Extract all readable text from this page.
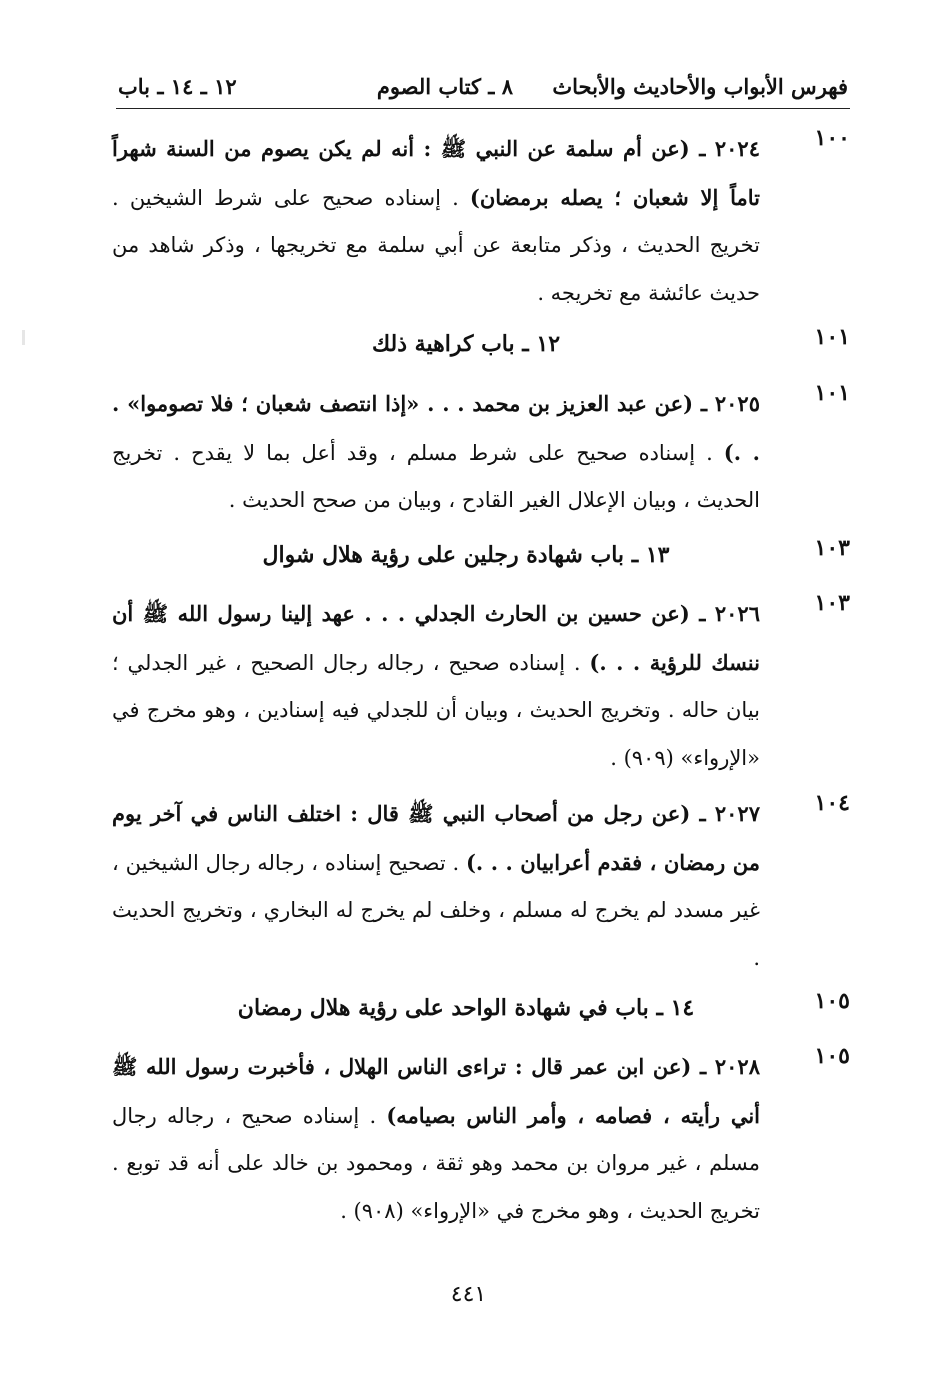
فهرس الأبواب والأحاديث والأبحاث
٨ ـ كتاب الصوم
١٢ ـ ١٤ ـ باب
١٠٠
٢٠٢٤ ـ (عن أم سلمة عن النبي ﷺ : أنه لم يكن يصوم من السنة شهراً تاماً إلا شعبان ؛ يصله برمضان) . إسناده صحيح على شرط الشيخين . تخريج الحديث ، وذكر متابعة عن أبي سلمة مع تخريجها ، وذكر شاهد من حديث عائشة مع تخريجه .
١٠١
١٢ ـ باب كراهية ذلك
١٠١
٢٠٢٥ ـ (عن عبد العزيز بن محمد . . . «إذا انتصف شعبان ؛ فلا تصوموا» . . .) . إسناده صحيح على شرط مسلم ، وقد أعل بما لا يقدح . تخريج الحديث ، وبيان الإعلال الغير القادح ، وبيان من صحح الحديث .
١٠٣
١٣ ـ باب شهادة رجلين على رؤية هلال شوال
١٠٣
٢٠٢٦ ـ (عن حسين بن الحارث الجدلي . . . عهد إلينا رسول الله ﷺ أن ننسك للرؤية . . .) . إسناده صحيح ، رجاله رجال الصحيح ، غير الجدلي ؛ بيان حاله . وتخريج الحديث ، وبيان أن للجدلي فيه إسنادين ، وهو مخرج في «الإرواء» (٩٠٩) .
١٠٤
٢٠٢٧ ـ (عن رجل من أصحاب النبي ﷺ قال : اختلف الناس في آخر يوم من رمضان ، فقدم أعرابيان . . .) . تصحيح إسناده ، رجاله رجال الشيخين ، غير مسدد لم يخرج له مسلم ، وخلف لم يخرج له البخاري ، وتخريج الحديث .
١٠٥
١٤ ـ باب في شهادة الواحد على رؤية هلال رمضان
١٠٥
٢٠٢٨ ـ (عن ابن عمر قال : تراءى الناس الهلال ، فأخبرت رسول الله ﷺ أني رأيته ، فصامه ، وأمر الناس بصيامه) . إسناده صحيح ، رجاله رجال مسلم ، غير مروان بن محمد وهو ثقة ، ومحمود بن خالد على أنه قد توبع . تخريج الحديث ، وهو مخرج في «الإرواء» (٩٠٨) .
٤٤١
